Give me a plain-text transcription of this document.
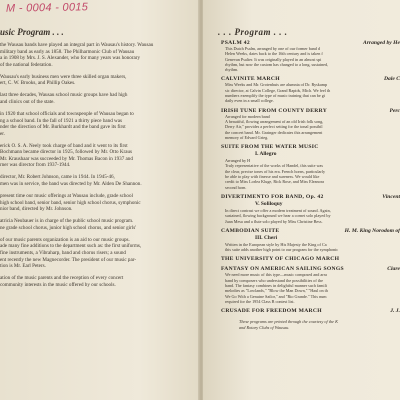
M - 0004 - 0015
usic Program . . .

the Wausau bands have played an integral part in Wausau's history. Wausau
military band as early as 1858. The Philharmonic Club of Wausau
a in 1908 by Mrs. J. S. Alexander, who for many years was honorary
of the national federation.

Wausau's early business men were three skilled organ makers,
ert, C. W. Brooks, and Phillip Oakes.

last three decades, Wausau school music groups have had high
and clinics out of the state.

in 1920 that school officials and townspeople of Wausau began to
ng a school band. In the fall of 1921 a thirty piece band was
nder the direction of Mr. Burkhardt and the band gave its first
er.

erick O. S. A. Neely took charge of band and it went to its first
Bochmann became director in 1925, followed by Mr. Otto Kraus
Mr. Kraushaar was succeeded by Mr. Thomas Bacon in 1937 and
rner was director from 1937-1944.

director, Mr. Robert Johnson, came in 1944. In 1945-46,
men was in service, the band was directed by Mr. Alden De Shannon.

present time our music offerings at Wausau include, grade school
high school band, senior band, senior high school chorus, symphonic
nior band, directed by Mr. Johnson.

atricia Neubauer is in charge of the public school music program.
ne grade school chorus, junior high school chorus, and senior girls'

of our music parents organization is an aid to our music groups.
ade many fine additions to the department such as: the first uniforms,
fine instruments, a Vibraharp, band and chorus risers; a sound
ent recently the new Magnecorder. The president of our music par-
tion is Mr. Earl Peters.

ation of the music parents and the reception of every concert
community interests in the music offered by our schools.

. . . Program . . .
PSALM 42	Arranged by He
This Dutch Psalm, arranged by one of our former band d
Helen Weeks, dates back to the 16th century and is taken f
Genevan Psalter. It was originally played in an almost spi
rhythm, but now the custom has changed to a long, sustained,
rhythm.
CALVINITE MARCH	Dale C
Miss Weeks and Mr. Grotenhuis are alumnia of Dr. Ryskamp
sic director, at Calvin College, Grand Rapids, Mich. We feel th
numbers exemplify the type of music training that can be gi
daily even in a small college.
IRISH TUNE FROM COUNTY DERRY	Perc
Arranged for modern band
A beautiful, flowing arrangement of an old Irish folk song,
Derry Air," provides a perfect setting for the tonal possibil
the concert band. Mr. Grainger dedicates this arrangement
memory of Edvard Grieg.
SUITE FROM THE WATER MUSIC
I. Allegro
Arranged by H
Truly representative of the works of Handel, this suite was
the clear, precise tones of his era. French horns, particularly
be able to play with finesse and sureness. We would like
credit to Miss Lorlea Kluge, Rick Rose, and Miss Eleanora
second horn.
DIVERTIMENTO FOR BAND, Op. 42	Vincent
V. Soliloquy
In direct contrast we offer a modern treatment of sound. Again,
sustained, flowing background we hear a cornet solo played by
Juan Mesa and a flute solo played by Miss Christine Bess.
CAMBODIAN SUITE	H. M. King Norodom of
III. Cheri
Written in the European style by His Majesty the King of Ca
this suite adds another high point to our program for the symphonic
THE UNIVERSITY OF CHICAGO MARCH
FANTASY ON AMERICAN SAILING SONGS	Clare
We need more music of this type—music composed and arra
band by composers who understand the possibilities of the
band. The fantasy combines in delightful manner such famili
melodies as "Lowlands," "Blow the Man Down," "Haul on th
We Go With a Genuine Sailor," and "Rio Grande." This num
required for the 1954 Class B contest list.
CRUSADE FOR FREEDOM MARCH	J. J.
These programs are printed through the courtesy of the K
and Rotary Clubs of Wausau.
